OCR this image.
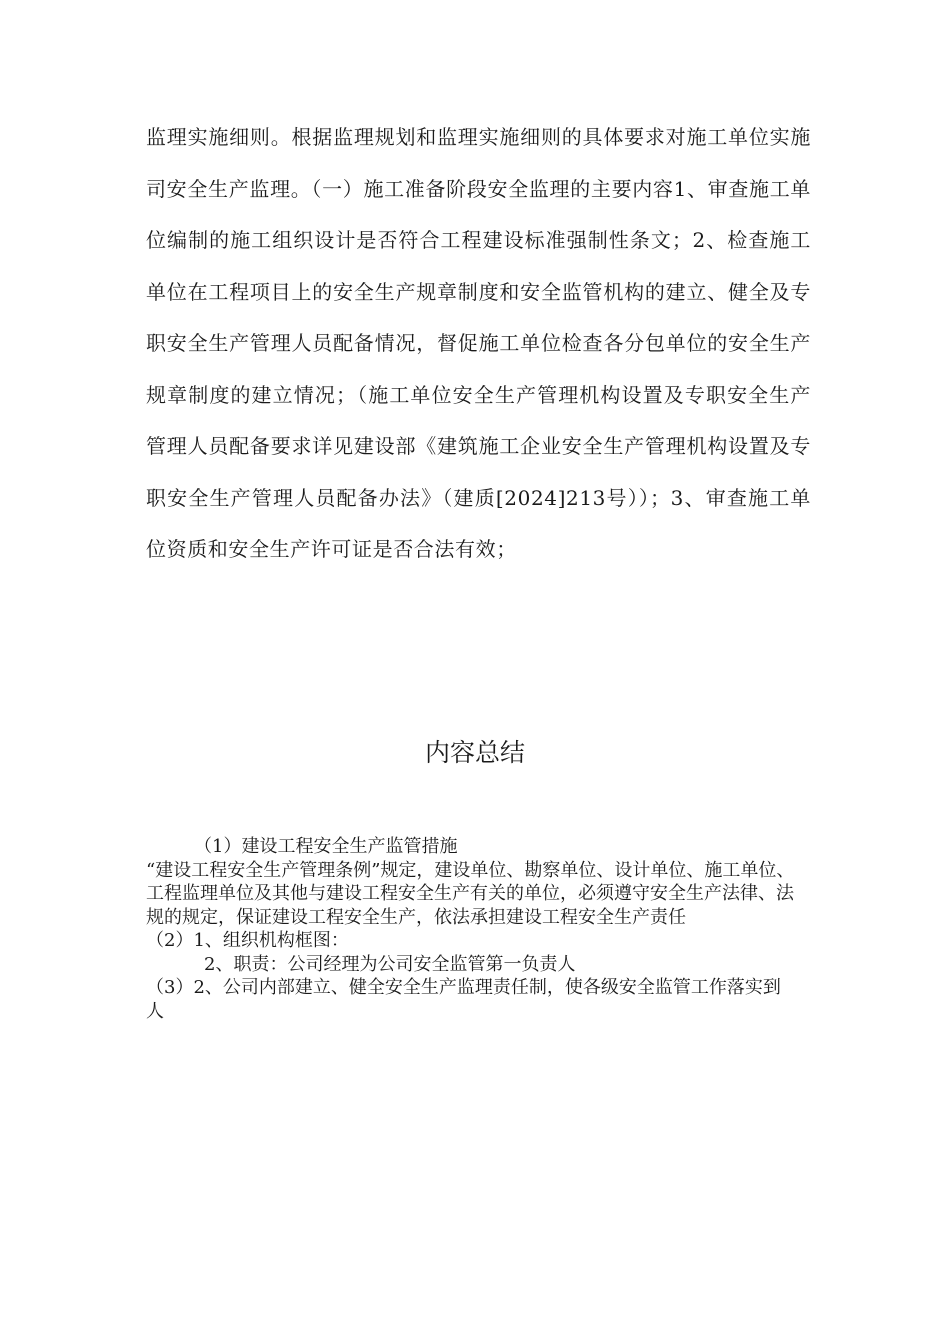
监理实施细则。根据监理规划和监理实施细则的具体要求对施工单位实施司安全生产监理。（一）施工准备阶段安全监理的主要内容1、审查施工单位编制的施工组织设计是否符合工程建设标准强制性条文；2、检查施工单位在工程项目上的安全生产规章制度和安全监管机构的建立、健全及专职安全生产管理人员配备情况，督促施工单位检查各分包单位的安全生产规章制度的建立情况；（施工单位安全生产管理机构设置及专职安全生产管理人员配备要求详见建设部《建筑施工企业安全生产管理机构设置及专职安全生产管理人员配备办法》（建质[2024]213号））；3、审查施工单位资质和安全生产许可证是否合法有效；

内容总结

（1）建设工程安全生产监管措施

“建设工程安全生产管理条例”规定，建设单位、勘察单位、设计单位、施工单位、工程监理单位及其他与建设工程安全生产有关的单位，必须遵守安全生产法律、法规的规定，保证建设工程安全生产，依法承担建设工程安全生产责任

（2）1、组织机构框图：

2、职责：公司经理为公司安全监管第一负责人

（3）2、公司内部建立、健全安全生产监理责任制，使各级安全监管工作落实到人
